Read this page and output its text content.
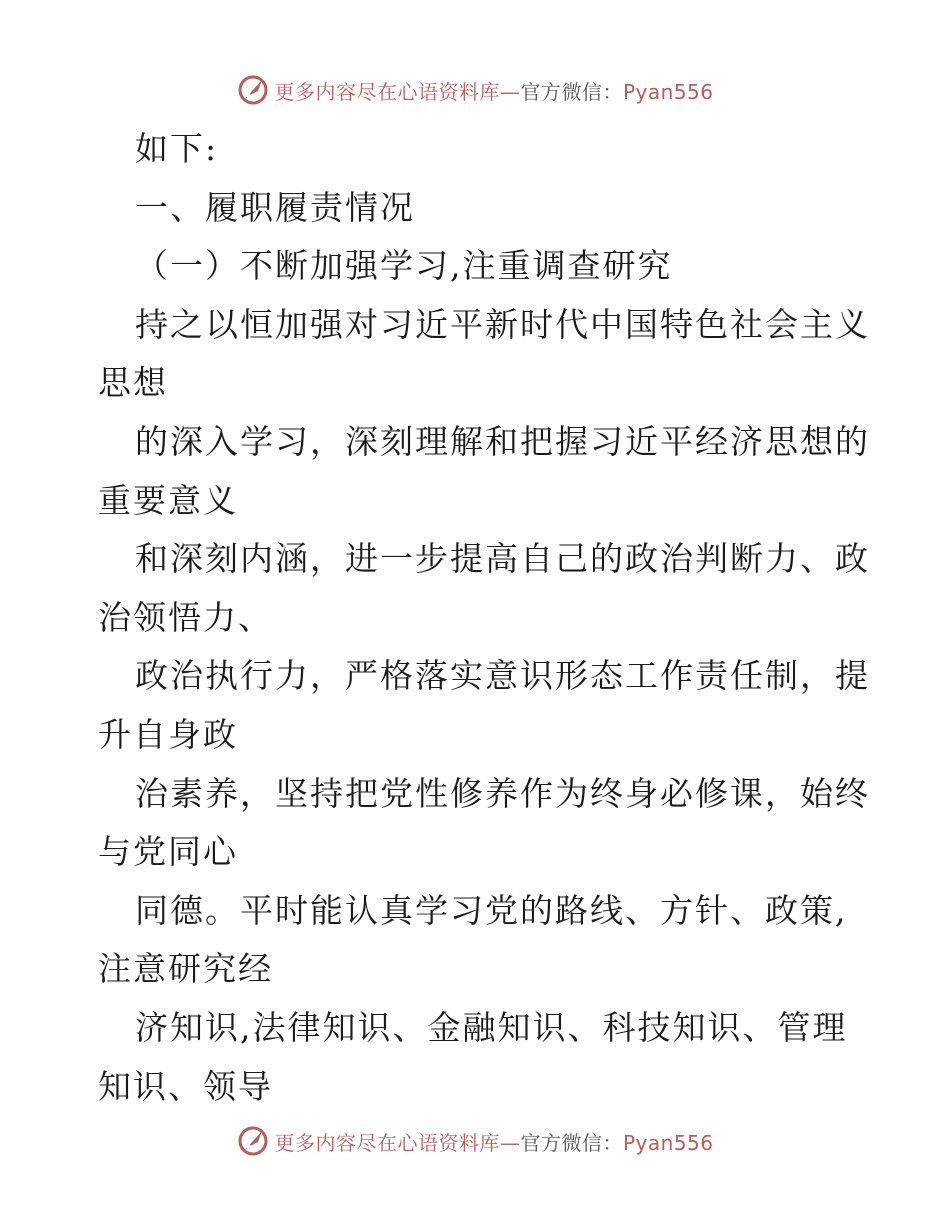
更多内容尽在心语资料库—官方微信：Pyan556
如下:
一、履职履责情况
（一）不断加强学习,注重调查研究
持之以恒加强对习近平新时代中国特色社会主义
思想
的深入学习，深刻理解和把握习近平经济思想的
重要意义
和深刻内涵，进一步提高自己的政治判断力、政
治领悟力、
政治执行力，严格落实意识形态工作责任制，提
升自身政
治素养，坚持把党性修养作为终身必修课，始终
与党同心
同德。平时能认真学习党的路线、方针、政策,
注意研究经
济知识,法律知识、金融知识、科技知识、管理
知识、领导
更多内容尽在心语资料库—官方微信：Pyan556
